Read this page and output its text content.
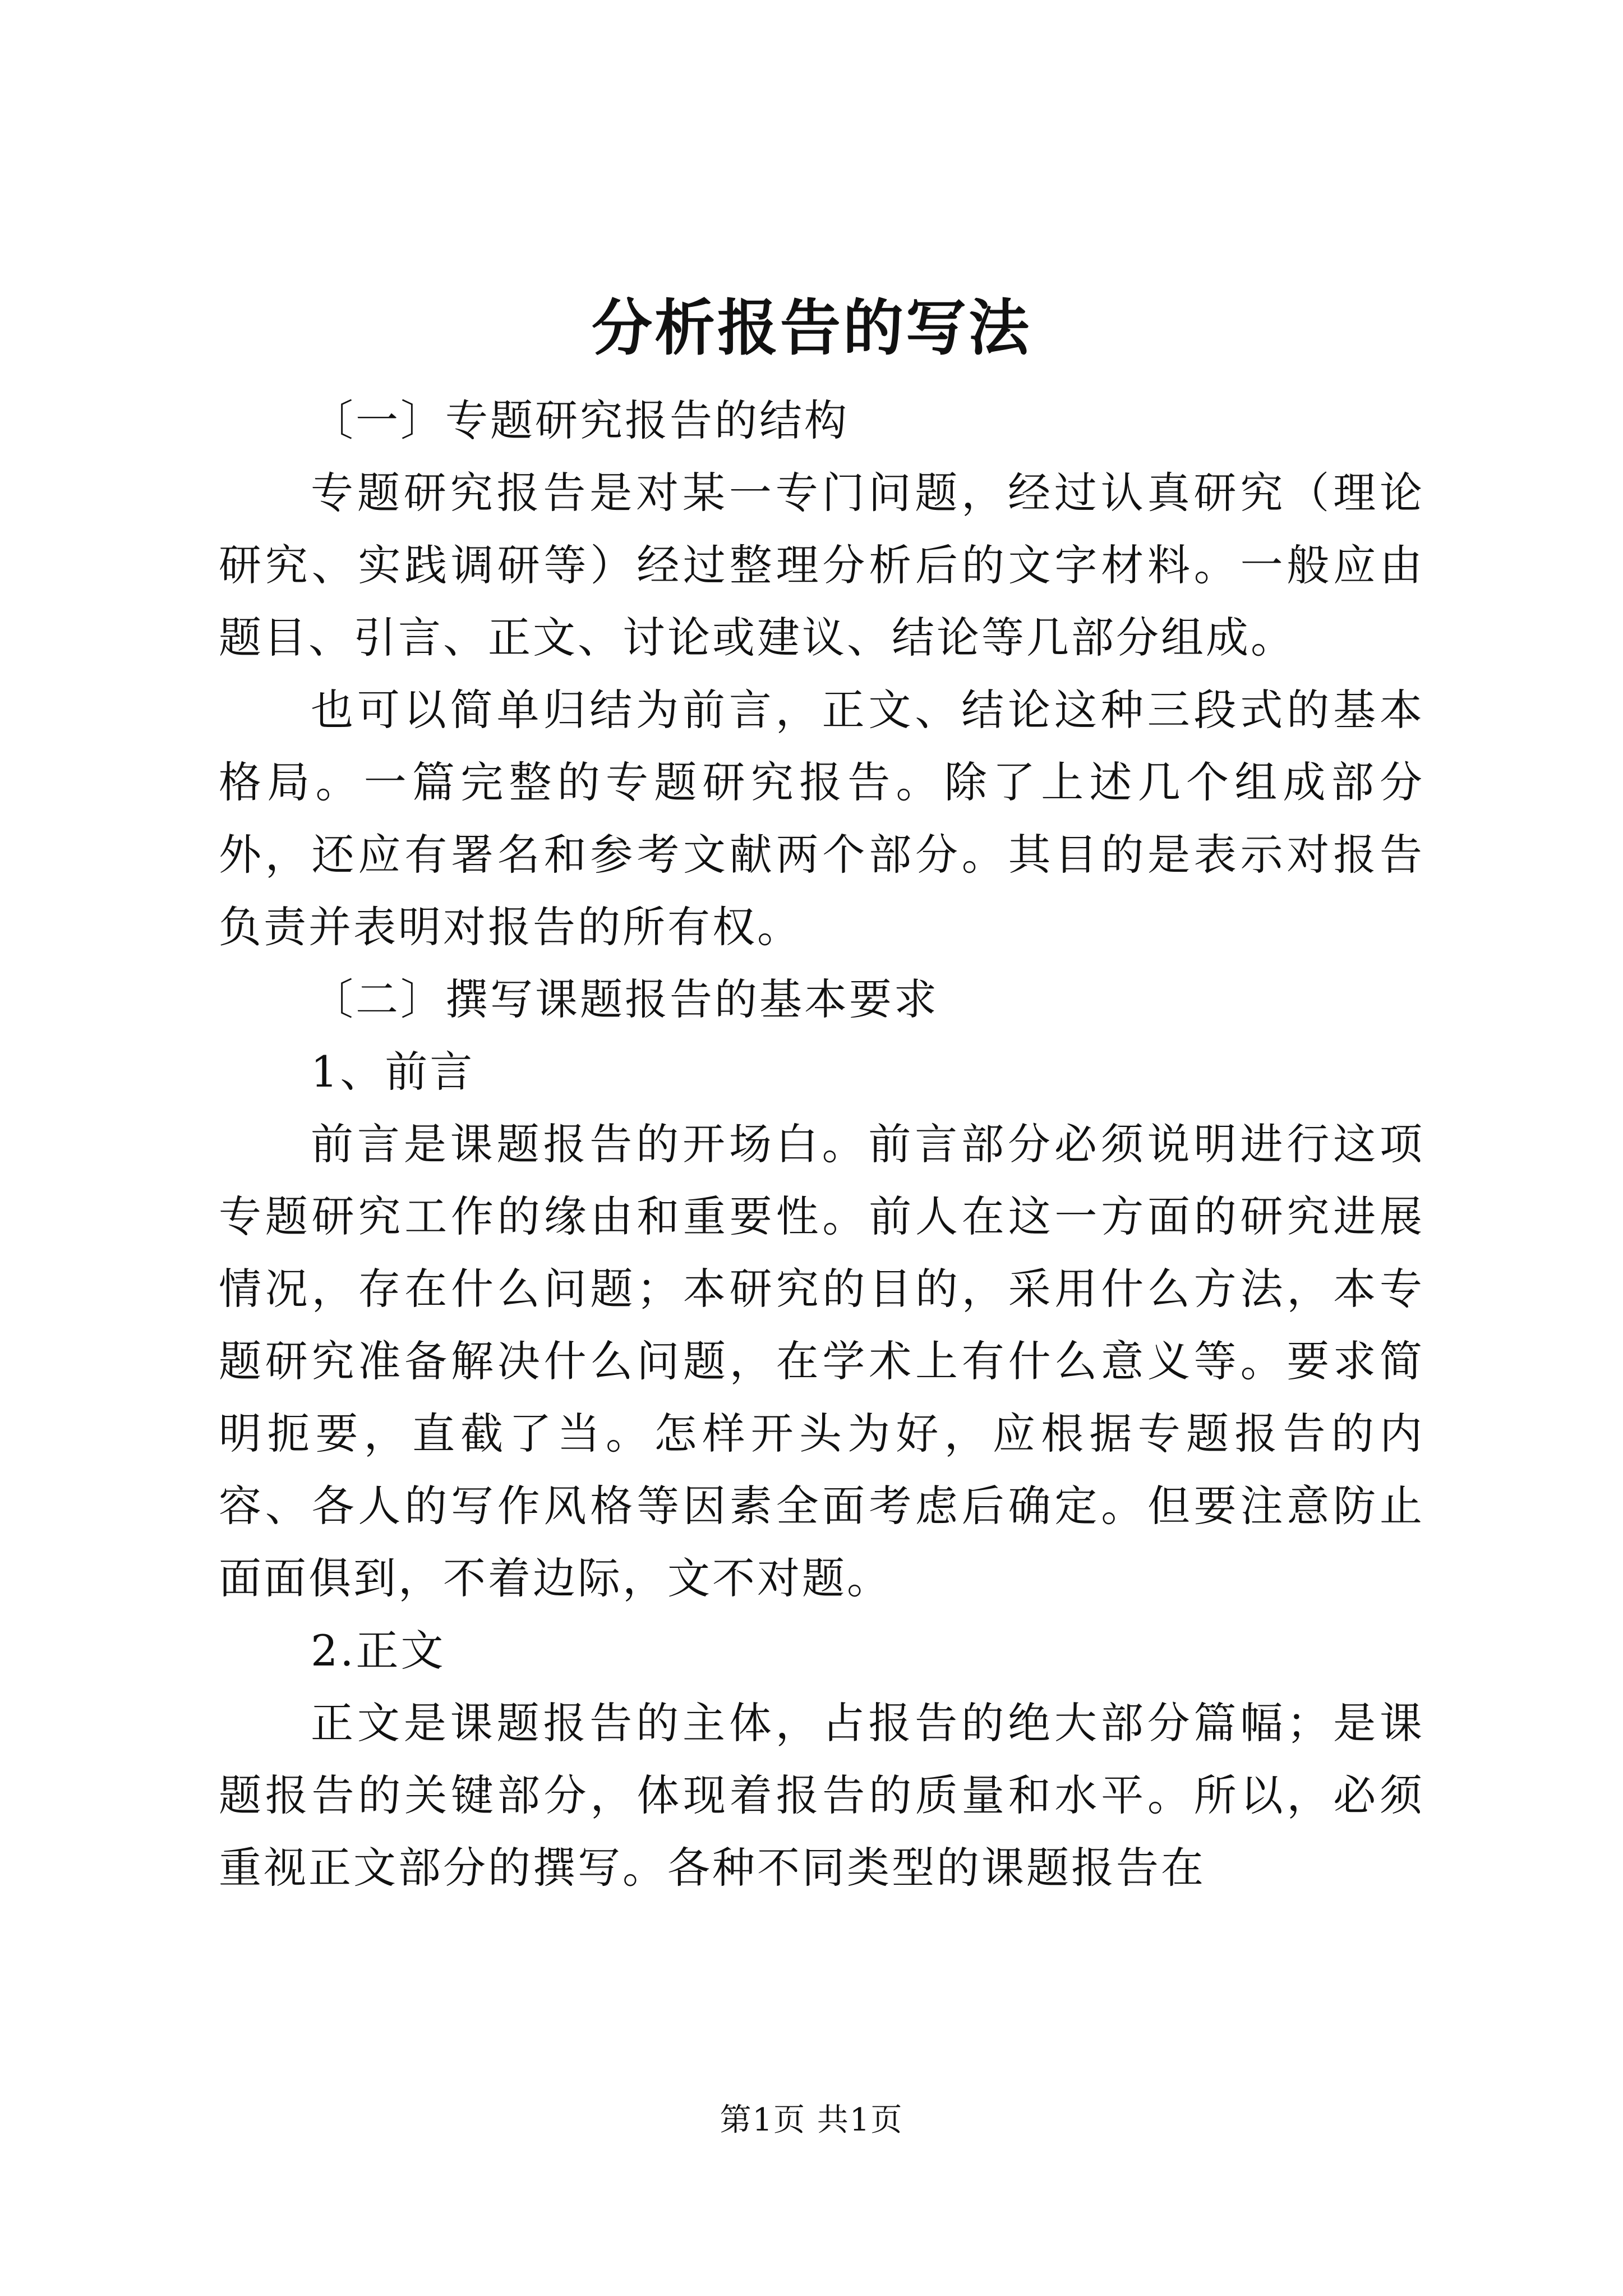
分析报告的写法

〔一〕专题研究报告的结构

专题研究报告是对某一专门问题，经过认真研究（理论研究、实践调研等）经过整理分析后的文字材料。一般应由题目、引言、正文、讨论或建议、结论等几部分组成。

也可以简单归结为前言，正文、结论这种三段式的基本格局。一篇完整的专题研究报告。除了上述几个组成部分外，还应有署名和参考文献两个部分。其目的是表示对报告负责并表明对报告的所有权。

〔二〕撰写课题报告的基本要求

1、前言

前言是课题报告的开场白。前言部分必须说明进行这项专题研究工作的缘由和重要性。前人在这一方面的研究进展情况，存在什么问题；本研究的目的，采用什么方法，本专题研究准备解决什么问题，在学术上有什么意义等。要求简明扼要，直截了当。怎样开头为好，应根据专题报告的内容、各人的写作风格等因素全面考虑后确定。但要注意防止面面俱到，不着边际，文不对题。

2.正文

正文是课题报告的主体，占报告的绝大部分篇幅；是课题报告的关键部分，体现着报告的质量和水平。所以，必须重视正文部分的撰写。各种不同类型的课题报告在

第1页 共1页
